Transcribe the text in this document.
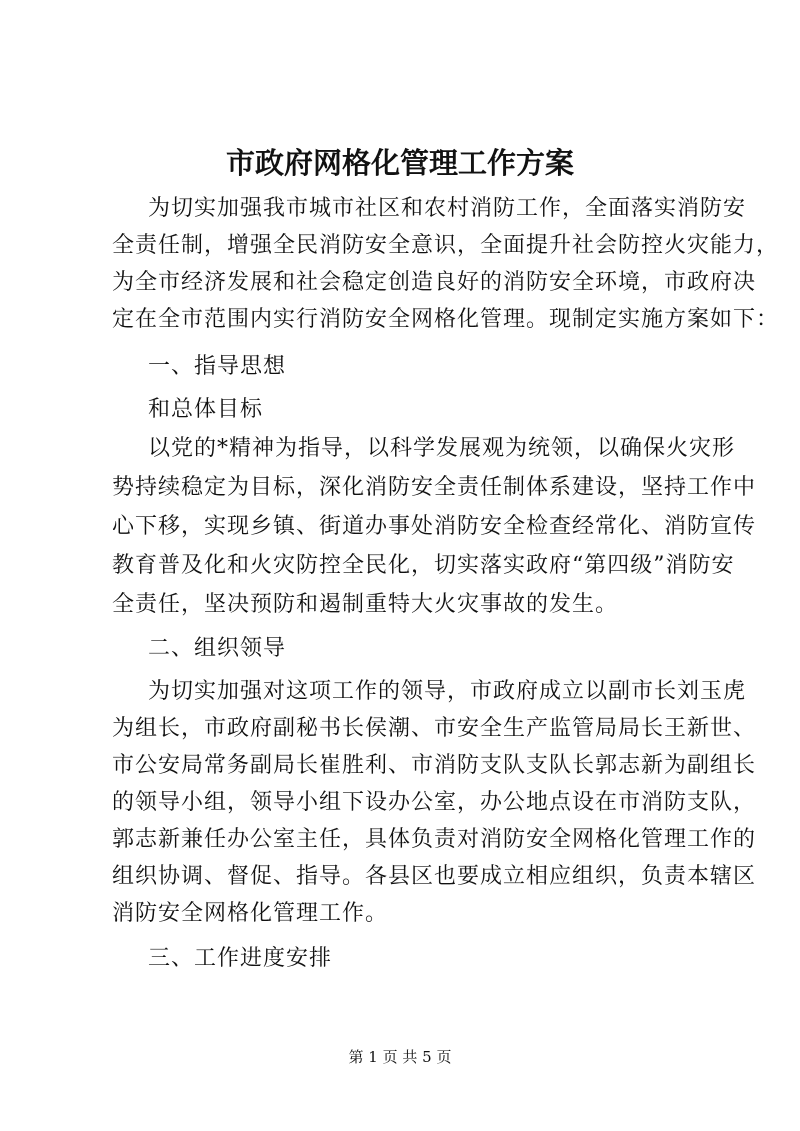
市政府网格化管理工作方案
为切实加强我市城市社区和农村消防工作，全面落实消防安
全责任制，增强全民消防安全意识，全面提升社会防控火灾能力，
为全市经济发展和社会稳定创造良好的消防安全环境，市政府决
定在全市范围内实行消防安全网格化管理。现制定实施方案如下：
一、指导思想
和总体目标
以党的*精神为指导，以科学发展观为统领，以确保火灾形
势持续稳定为目标，深化消防安全责任制体系建设，坚持工作中
心下移，实现乡镇、街道办事处消防安全检查经常化、消防宣传
教育普及化和火灾防控全民化，切实落实政府“第四级”消防安
全责任，坚决预防和遏制重特大火灾事故的发生。
二、组织领导
为切实加强对这项工作的领导，市政府成立以副市长刘玉虎
为组长，市政府副秘书长侯潮、市安全生产监管局局长王新世、
市公安局常务副局长崔胜利、市消防支队支队长郭志新为副组长
的领导小组，领导小组下设办公室，办公地点设在市消防支队，
郭志新兼任办公室主任，具体负责对消防安全网格化管理工作的
组织协调、督促、指导。各县区也要成立相应组织，负责本辖区
消防安全网格化管理工作。
三、工作进度安排
第 1 页 共 5 页
